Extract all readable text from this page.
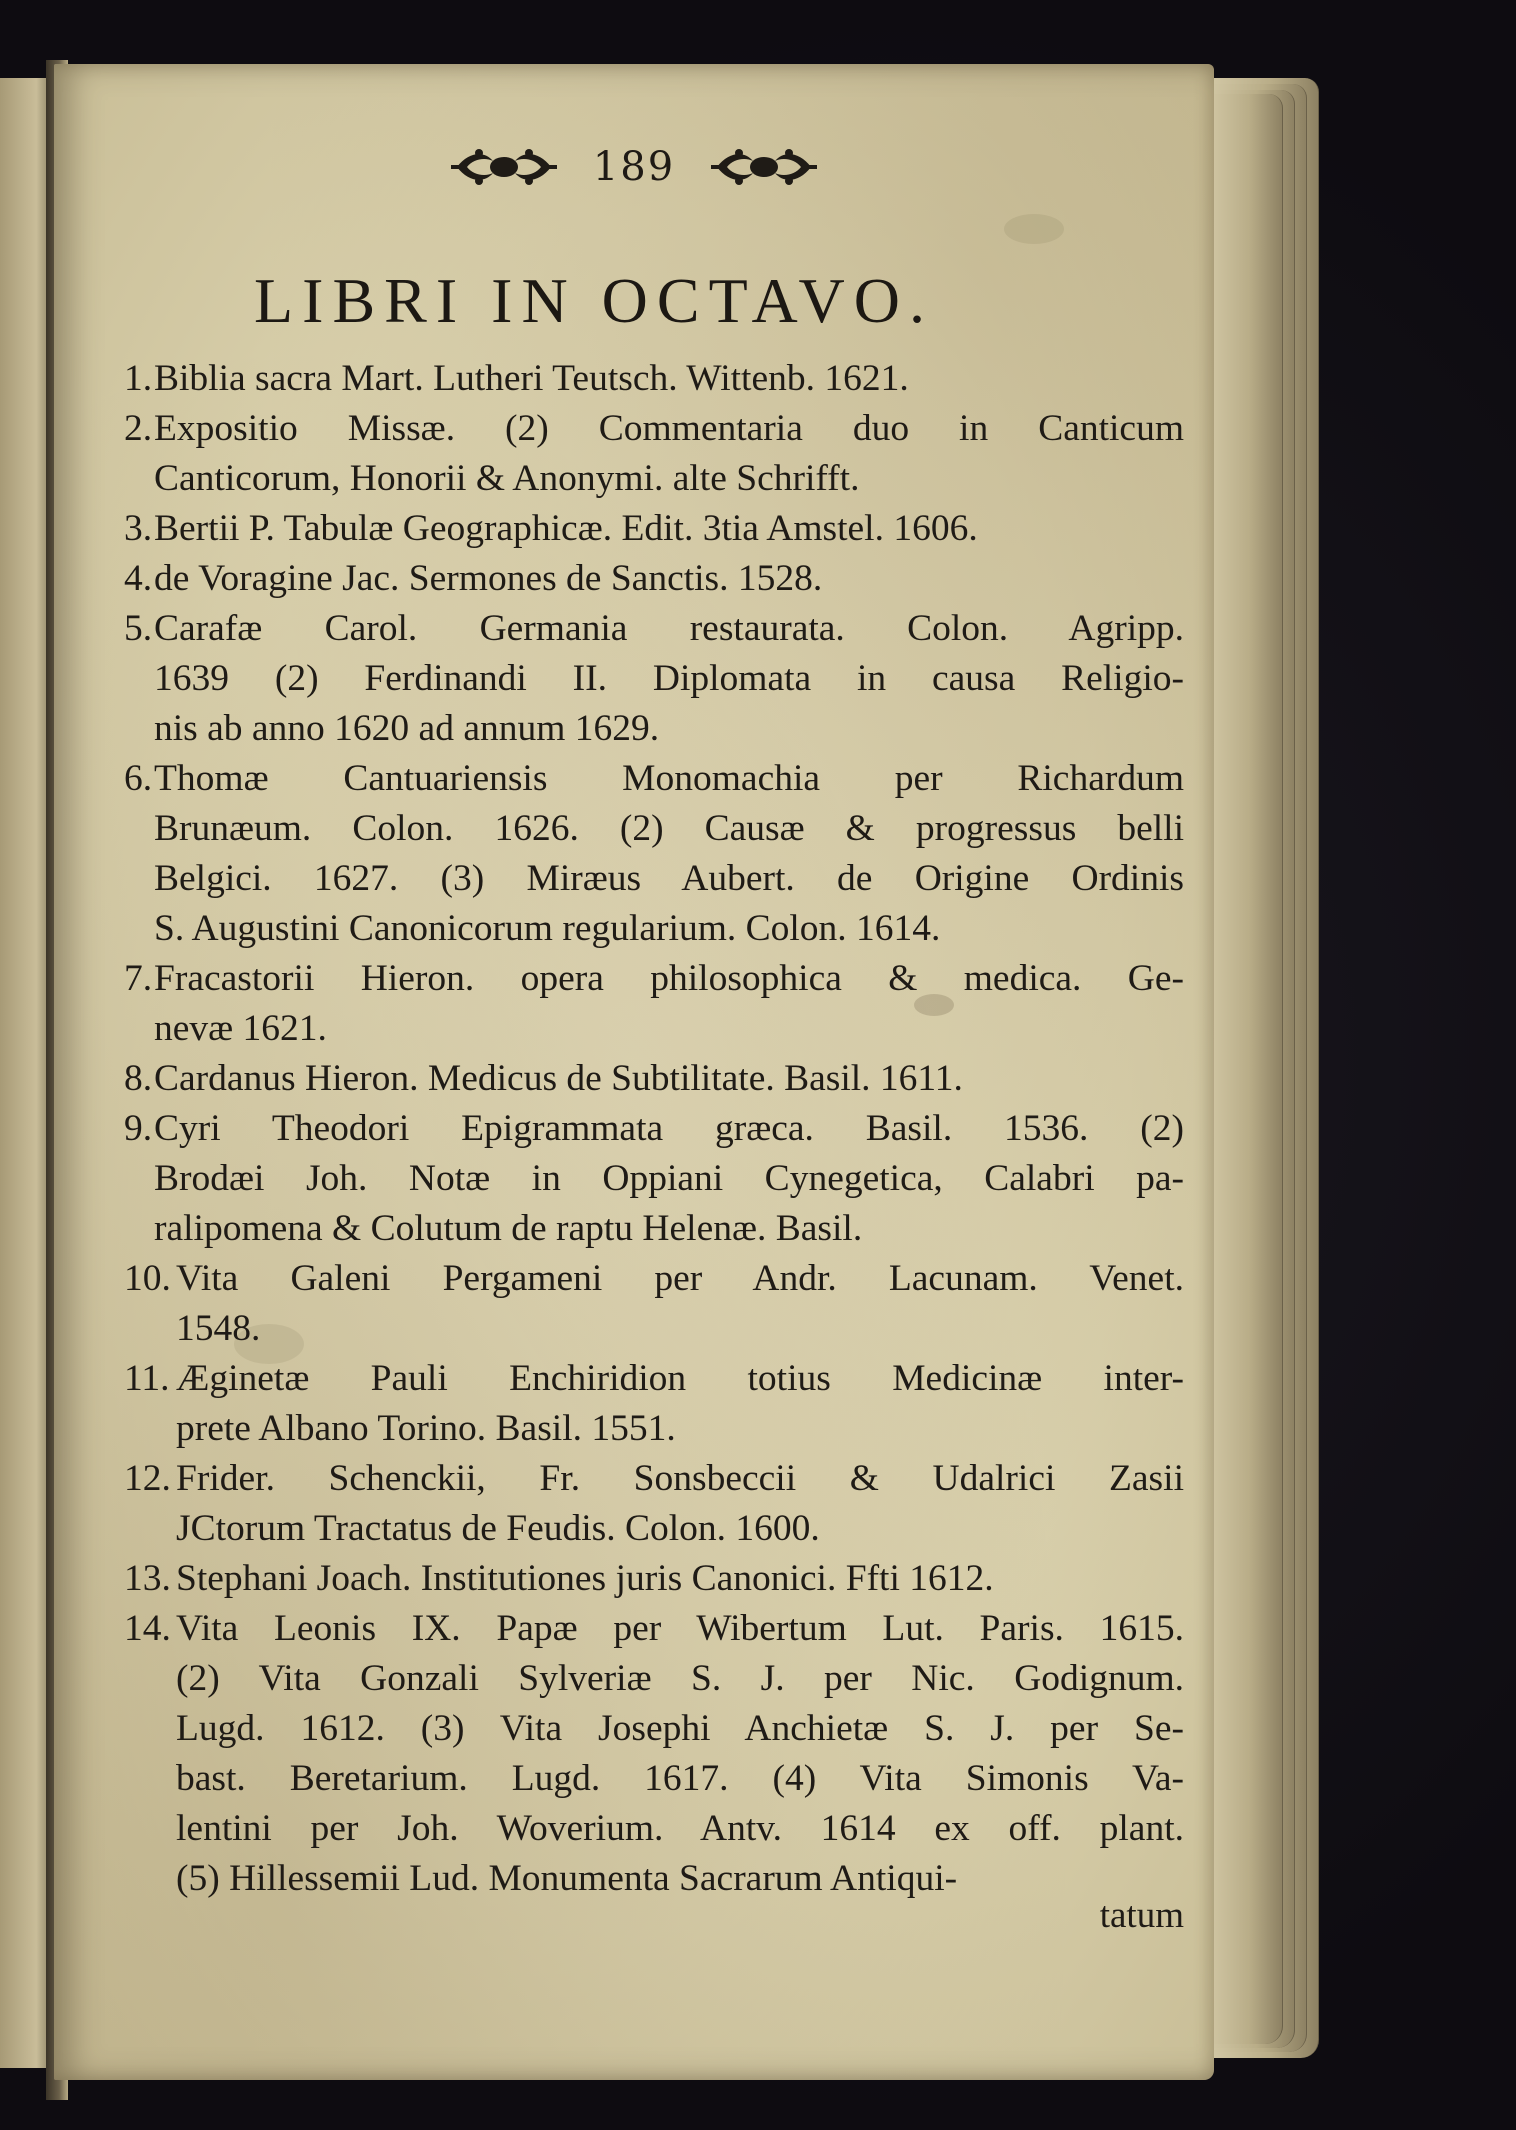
189
LIBRI IN OCTAVO.
1. Biblia sacra Mart. Lutheri Teutsch. Wittenb. 1621.
2. Expositio Missæ. (2) Commentaria duo in Canticum
Canticorum, Honorii & Anonymi. alte Schrifft.
3. Bertii P. Tabulæ Geographicæ. Edit. 3tia Amstel. 1606.
4. de Voragine Jac. Sermones de Sanctis. 1528.
5. Carafæ Carol. Germania restaurata. Colon. Agripp.
1639 (2) Ferdinandi II. Diplomata in causa Religio-
nis ab anno 1620 ad annum 1629.
6. Thomæ Cantuariensis Monomachia per Richardum
Brunæum. Colon. 1626. (2) Causæ & progressus belli
Belgici. 1627. (3) Miræus Aubert. de Origine Ordinis
S. Augustini Canonicorum regularium. Colon. 1614.
7. Fracastorii Hieron. opera philosophica & medica. Ge-
nevæ 1621.
8. Cardanus Hieron. Medicus de Subtilitate. Basil. 1611.
9. Cyri Theodori Epigrammata græca. Basil. 1536. (2)
Brodæi Joh. Notæ in Oppiani Cynegetica, Calabri pa-
ralipomena & Colutum de raptu Helenæ. Basil.
10. Vita Galeni Pergameni per Andr. Lacunam. Venet.
1548.
11. Æginetæ Pauli Enchiridion totius Medicinæ inter-
prete Albano Torino. Basil. 1551.
12. Frider. Schenckii, Fr. Sonsbeccii & Udalrici Zasii
JCtorum Tractatus de Feudis. Colon. 1600.
13. Stephani Joach. Institutiones juris Canonici. Ffti 1612.
14. Vita Leonis IX. Papæ per Wibertum Lut. Paris. 1615.
(2) Vita Gonzali Sylveriæ S. J. per Nic. Godignum.
Lugd. 1612. (3) Vita Josephi Anchietæ S. J. per Se-
bast. Beretarium. Lugd. 1617. (4) Vita Simonis Va-
lentini per Joh. Woverium. Antv. 1614 ex off. plant.
(5) Hillessemii Lud. Monumenta Sacrarum Antiqui-
tatum
